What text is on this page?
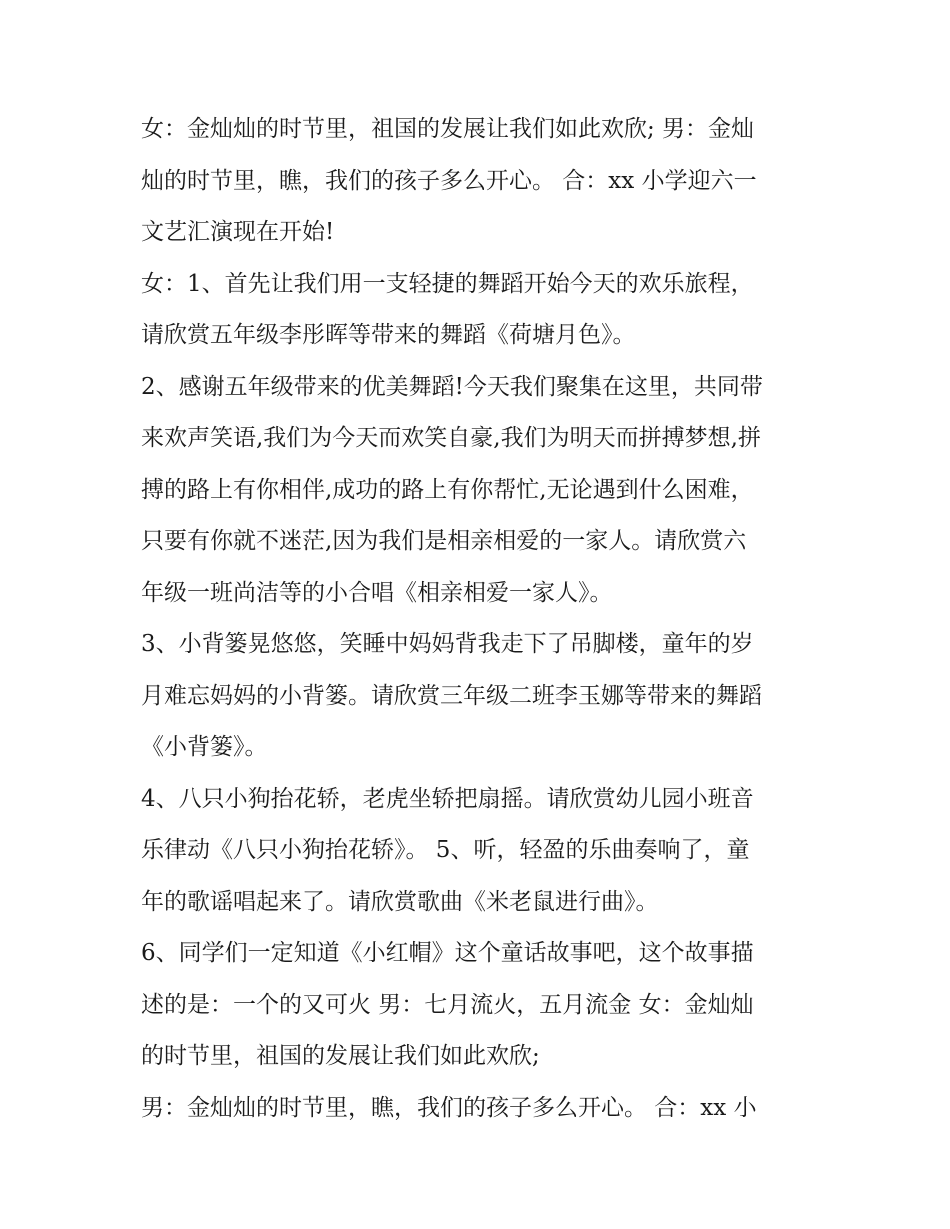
女：金灿灿的时节里，祖国的发展让我们如此欢欣; 男：金灿
灿的时节里，瞧，我们的孩子多么开心。 合：xx 小学迎六一
文艺汇演现在开始!
女：1、首先让我们用一支轻捷的舞蹈开始今天的欢乐旅程，
请欣赏五年级李彤晖等带来的舞蹈《荷塘月色》。
2、感谢五年级带来的优美舞蹈!今天我们聚集在这里，共同带
来欢声笑语,我们为今天而欢笑自豪,我们为明天而拼搏梦想,拼
搏的路上有你相伴,成功的路上有你帮忙,无论遇到什么困难，
只要有你就不迷茫,因为我们是相亲相爱的一家人。请欣赏六
年级一班尚洁等的小合唱《相亲相爱一家人》。
3、小背篓晃悠悠，笑睡中妈妈背我走下了吊脚楼，童年的岁
月难忘妈妈的小背篓。请欣赏三年级二班李玉娜等带来的舞蹈
《小背篓》。
4、八只小狗抬花轿，老虎坐轿把扇摇。请欣赏幼儿园小班音
乐律动《八只小狗抬花轿》。 5、听，轻盈的乐曲奏响了，童
年的歌谣唱起来了。请欣赏歌曲《米老鼠进行曲》。
6、同学们一定知道《小红帽》这个童话故事吧，这个故事描
述的是：一个的又可火 男：七月流火，五月流金 女：金灿灿
的时节里，祖国的发展让我们如此欢欣;
男：金灿灿的时节里，瞧，我们的孩子多么开心。 合：xx 小
